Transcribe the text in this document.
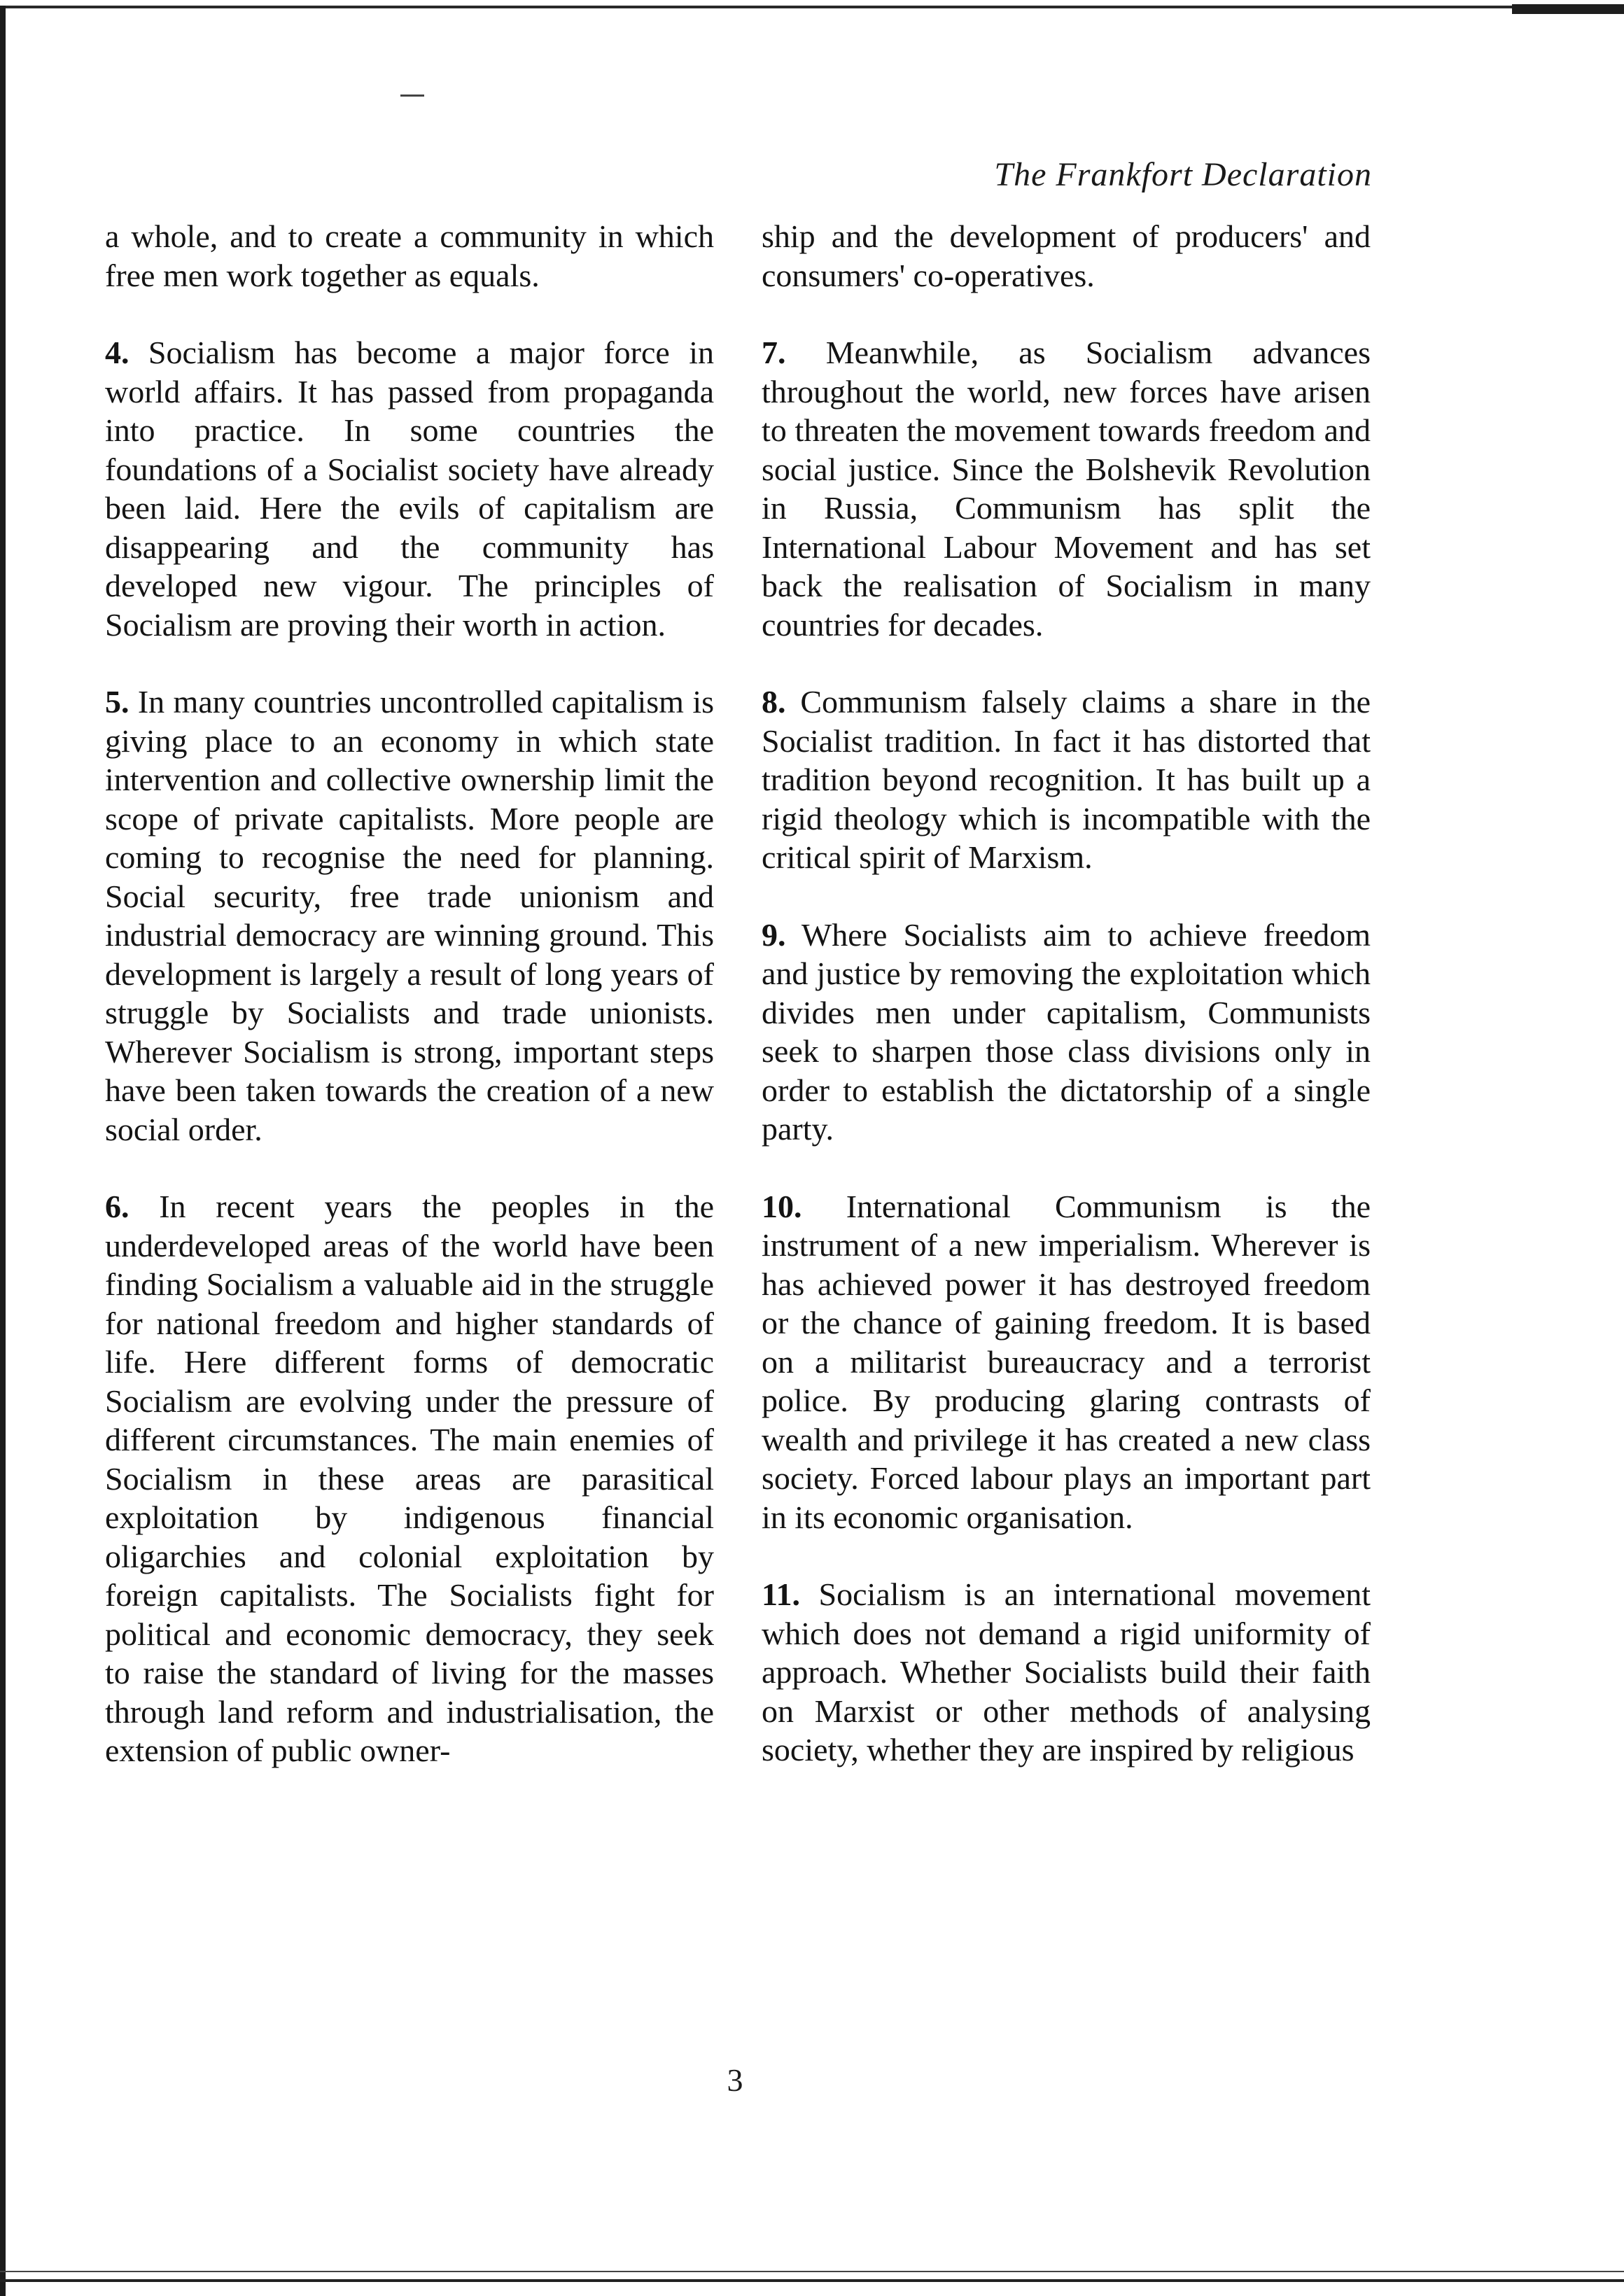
The Frankfort Declaration

a whole, and to create a community in which free men work together as equals.

4. Socialism has become a major force in world affairs. It has passed from propaganda into practice. In some countries the foundations of a Socialist society have already been laid. Here the evils of capitalism are disappearing and the community has developed new vigour. The principles of Socialism are proving their worth in action.

5. In many countries uncontrolled capitalism is giving place to an economy in which state intervention and collective ownership limit the scope of private capitalists. More people are coming to recognise the need for planning. Social security, free trade unionism and industrial democracy are winning ground. This development is largely a result of long years of struggle by Socialists and trade unionists. Wherever Socialism is strong, important steps have been taken towards the creation of a new social order.

6. In recent years the peoples in the underdeveloped areas of the world have been finding Socialism a valuable aid in the struggle for national freedom and higher standards of life. Here different forms of democratic Socialism are evolving under the pressure of different circumstances. The main enemies of Socialism in these areas are parasitical exploitation by indigenous financial oligarchies and colonial exploitation by foreign capitalists. The Socialists fight for political and economic democracy, they seek to raise the standard of living for the masses through land reform and industrialisation, the extension of public owner-

ship and the development of producers' and consumers' co-operatives.

7. Meanwhile, as Socialism advances throughout the world, new forces have arisen to threaten the movement towards freedom and social justice. Since the Bolshevik Revolution in Russia, Communism has split the International Labour Movement and has set back the realisation of Socialism in many countries for decades.

8. Communism falsely claims a share in the Socialist tradition. In fact it has distorted that tradition beyond recognition. It has built up a rigid theology which is incompatible with the critical spirit of Marxism.

9. Where Socialists aim to achieve freedom and justice by removing the exploitation which divides men under capitalism, Communists seek to sharpen those class divisions only in order to establish the dictatorship of a single party.

10. International Communism is the instrument of a new imperialism. Wherever is has achieved power it has destroyed freedom or the chance of gaining freedom. It is based on a militarist bureaucracy and a terrorist police. By producing glaring contrasts of wealth and privilege it has created a new class society. Forced labour plays an important part in its economic organisation.

11. Socialism is an international movement which does not demand a rigid uniformity of approach. Whether Socialists build their faith on Marxist or other methods of analysing society, whether they are inspired by religious

3
